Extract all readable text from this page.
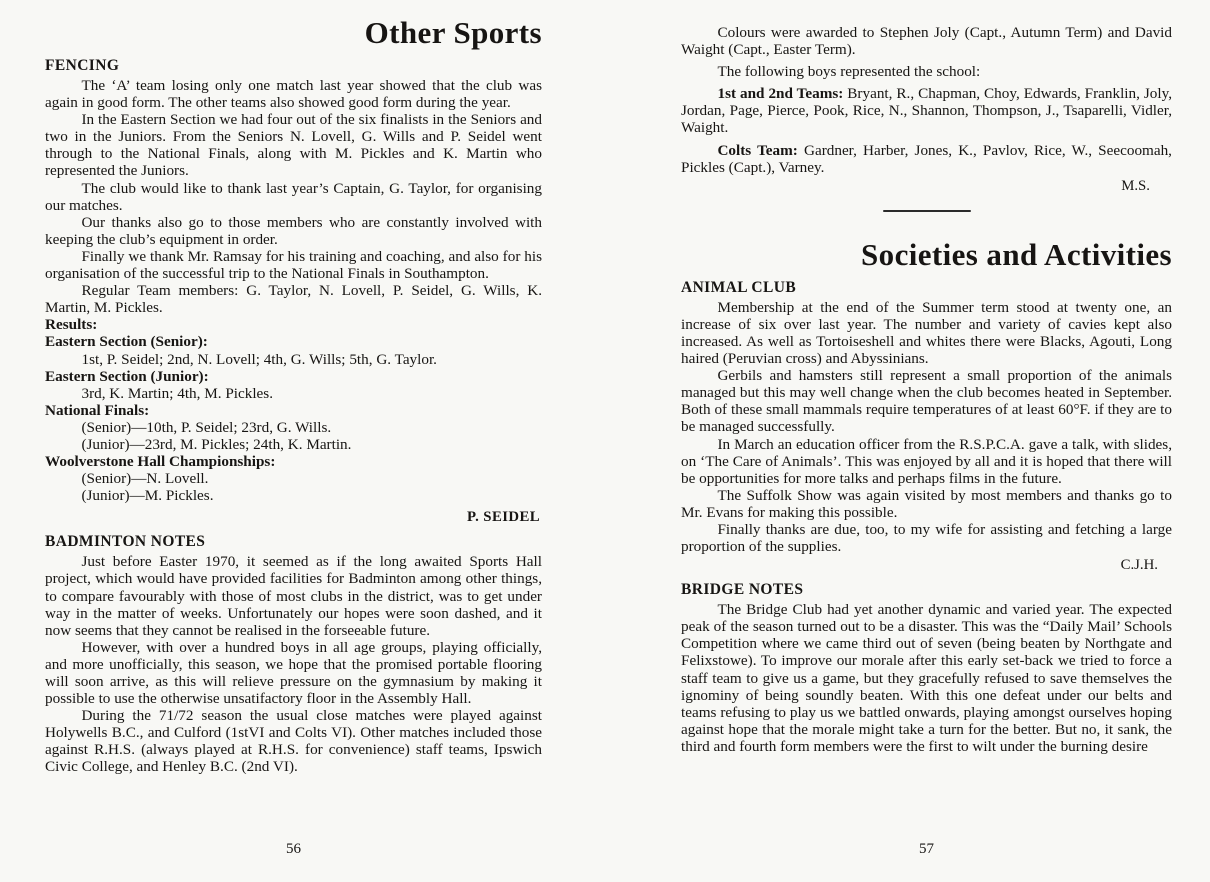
Other Sports
FENCING

The ‘A’ team losing only one match last year showed that the club was again in good form. The other teams also showed good form during the year.

In the Eastern Section we had four out of the six finalists in the Seniors and two in the Juniors. From the Seniors N. Lovell, G. Wills and P. Seidel went through to the National Finals, along with M. Pickles and K. Martin who represented the Juniors.

The club would like to thank last year’s Captain, G. Taylor, for organising our matches.

Our thanks also go to those members who are constantly involved with keeping the club’s equipment in order.

Finally we thank Mr. Ramsay for his training and coaching, and also for his organisation of the successful trip to the National Finals in Southampton.

Regular Team members: G. Taylor, N. Lovell, P. Seidel, G. Wills, K. Martin, M. Pickles.

Results:
Eastern Section (Senior):
1st, P. Seidel; 2nd, N. Lovell; 4th, G. Wills; 5th, G. Taylor.
Eastern Section (Junior):
3rd, K. Martin; 4th, M. Pickles.
National Finals:
(Senior)—10th, P. Seidel; 23rd, G. Wills.
(Junior)—23rd, M. Pickles; 24th, K. Martin.
Woolverstone Hall Championships:
(Senior)—N. Lovell.
(Junior)—M. Pickles.
P. SEIDEL
BADMINTON NOTES

Just before Easter 1970, it seemed as if the long awaited Sports Hall project, which would have provided facilities for Badminton among other things, to compare favourably with those of most clubs in the district, was to get under way in the matter of weeks. Unfortunately our hopes were soon dashed, and it now seems that they cannot be realised in the forseeable future.

However, with over a hundred boys in all age groups, playing officially, and more unofficially, this season, we hope that the promised portable flooring will soon arrive, as this will relieve pressure on the gymnasium by making it possible to use the otherwise unsatifactory floor in the Assembly Hall.

During the 71/72 season the usual close matches were played against Holywells B.C., and Culford (1stVI and Colts VI). Other matches included those against R.H.S. (always played at R.H.S. for convenience) staff teams, Ipswich Civic College, and Henley B.C. (2nd VI).

56

Colours were awarded to Stephen Joly (Capt., Autumn Term) and David Waight (Capt., Easter Term).

The following boys represented the school:

1st and 2nd Teams: Bryant, R., Chapman, Choy, Edwards, Franklin, Joly, Jordan, Page, Pierce, Pook, Rice, N., Shannon, Thompson, J., Tsaparelli, Vidler, Waight.

Colts Team: Gardner, Harber, Jones, K., Pavlov, Rice, W., Seecoomah, Pickles (Capt.), Varney.

M.S.
Societies and Activities
ANIMAL CLUB

Membership at the end of the Summer term stood at twenty one, an increase of six over last year. The number and variety of cavies kept also increased. As well as Tortoiseshell and whites there were Blacks, Agouti, Long haired (Peruvian cross) and Abyssinians.

Gerbils and hamsters still represent a small proportion of the animals managed but this may well change when the club becomes heated in September. Both of these small mammals require temperatures of at least 60°F. if they are to be managed successfully.

In March an education officer from the R.S.P.C.A. gave a talk, with slides, on ‘The Care of Animals’. This was enjoyed by all and it is hoped that there will be opportunities for more talks and perhaps films in the future.

The Suffolk Show was again visited by most members and thanks go to Mr. Evans for making this possible.

Finally thanks are due, too, to my wife for assisting and fetching a large proportion of the supplies.

C.J.H.
BRIDGE NOTES

The Bridge Club had yet another dynamic and varied year. The expected peak of the season turned out to be a disaster. This was the “Daily Mail’ Schools Competition where we came third out of seven (being beaten by Northgate and Felixstowe). To improve our morale after this early set-back we tried to force a staff team to give us a game, but they gracefully refused to save themselves the ignominy of being soundly beaten. With this one defeat under our belts and teams refusing to play us we battled onwards, playing amongst ourselves hoping against hope that the morale might take a turn for the better. But no, it sank, the third and fourth form members were the first to wilt under the burning desire

57
